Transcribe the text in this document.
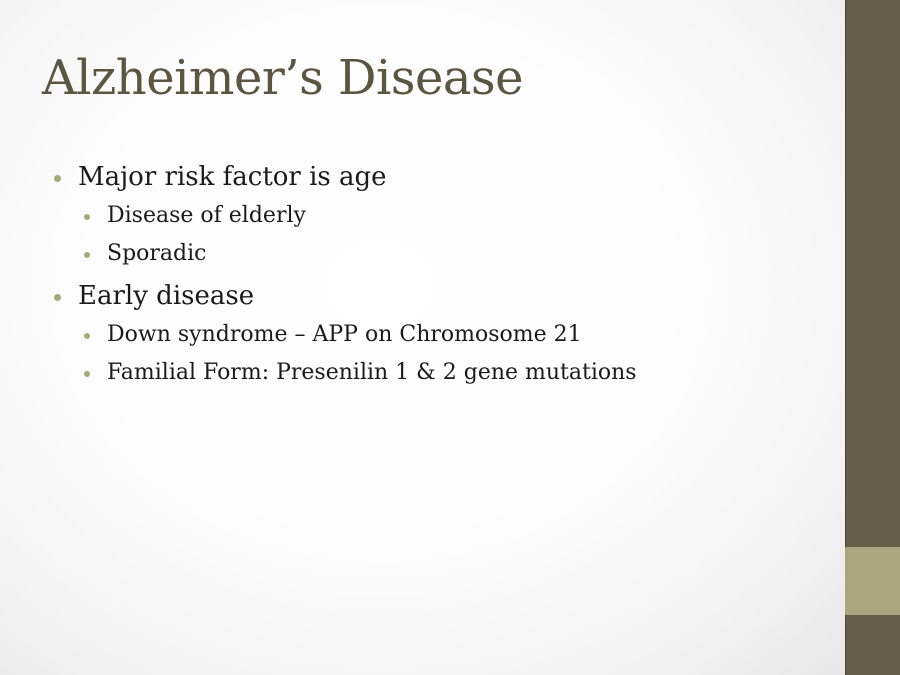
Alzheimer’s Disease
Major risk factor is age
Disease of elderly
Sporadic
Early disease
Down syndrome – APP on Chromosome 21
Familial Form: Presenilin 1 & 2 gene mutations
